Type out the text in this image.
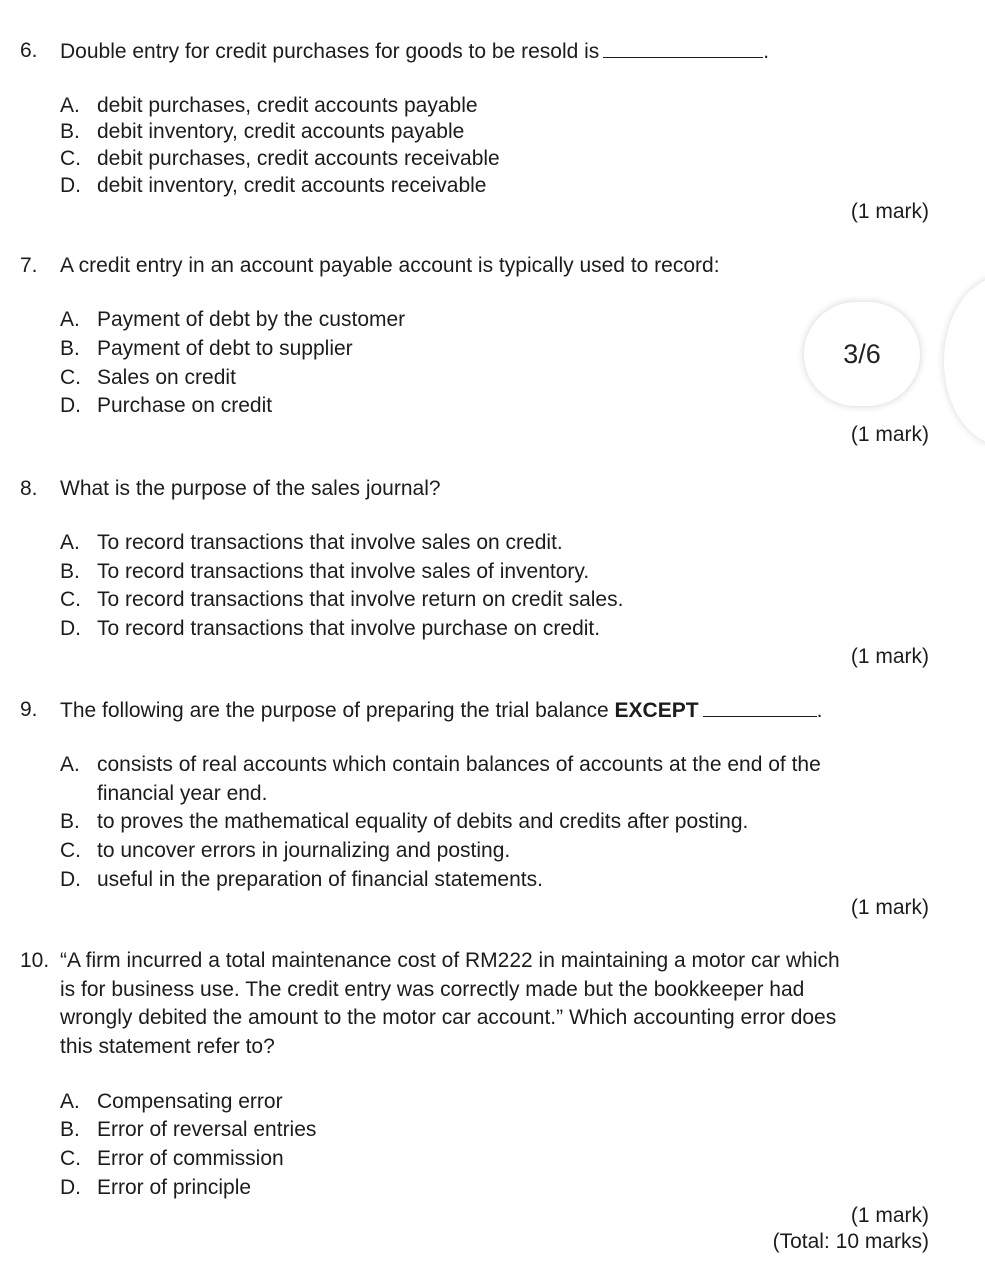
6. Double entry for credit purchases for goods to be resold is	.
A. debit purchases, credit accounts payable
B. debit inventory, credit accounts payable
C. debit purchases, credit accounts receivable
D. debit inventory, credit accounts receivable
(1 mark)
7. A credit entry in an account payable account is typically used to record:
A. Payment of debt by the customer
B. Payment of debt to supplier
C. Sales on credit
D. Purchase on credit
(1 mark)
8. What is the purpose of the sales journal?
A. To record transactions that involve sales on credit.
B. To record transactions that involve sales of inventory.
C. To record transactions that involve return on credit sales.
D. To record transactions that involve purchase on credit.
(1 mark)
9. The following are the purpose of preparing the trial balance EXCEPT	.
A. consists of real accounts which contain balances of accounts at the end of the
financial year end.
B. to proves the mathematical equality of debits and credits after posting.
C. to uncover errors in journalizing and posting.
D. useful in the preparation of financial statements.
(1 mark)
10. “A firm incurred a total maintenance cost of RM222 in maintaining a motor car which
is for business use. The credit entry was correctly made but the bookkeeper had
wrongly debited the amount to the motor car account.” Which accounting error does
this statement refer to?
A. Compensating error
B. Error of reversal entries
C. Error of commission
D. Error of principle
(1 mark)
(Total: 10 marks)
3/6
